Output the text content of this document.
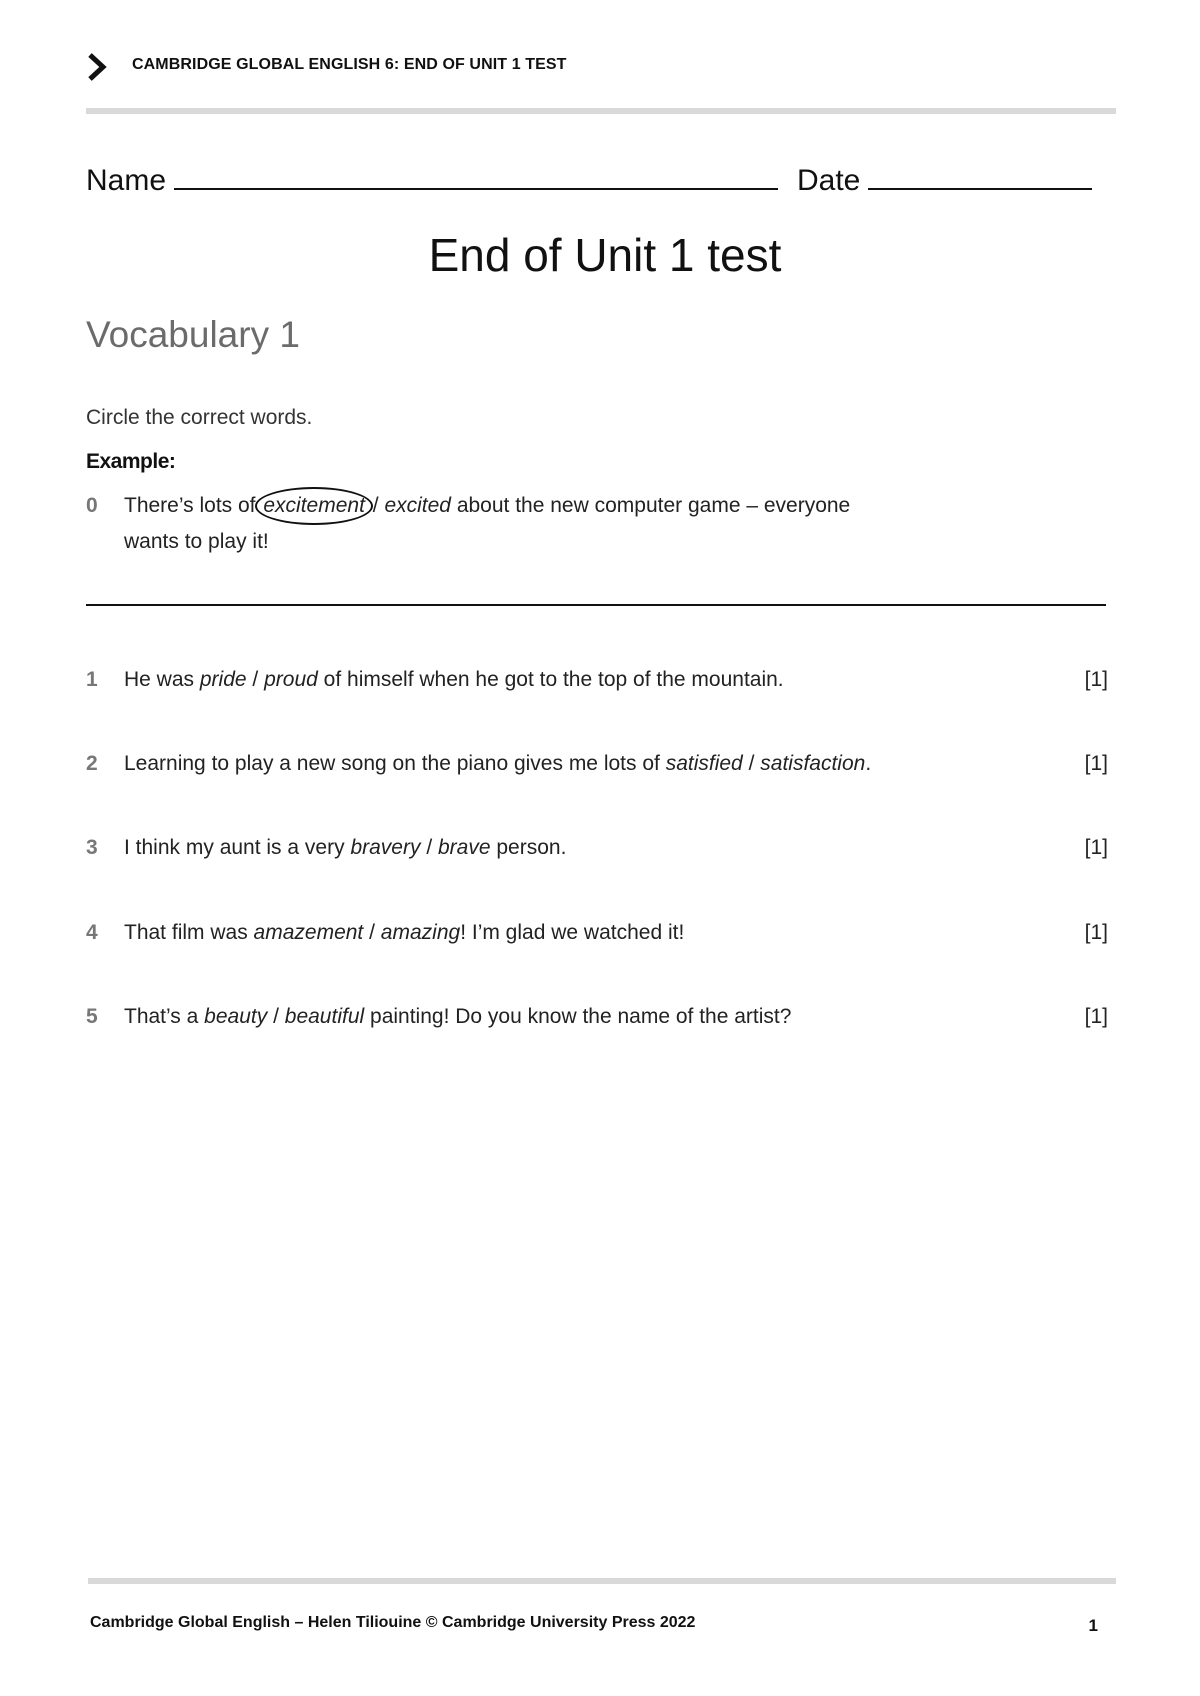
CAMBRIDGE GLOBAL ENGLISH 6: END OF UNIT 1 TEST
Name	Date
End of Unit 1 test
Vocabulary 1
Circle the correct words.
Example:
0 There’s lots of excitement / excited about the new computer game – everyone
wants to play it!
1 He was pride / proud of himself when he got to the top of the mountain.	[1]
2 Learning to play a new song on the piano gives me lots of satisfied / satisfaction.	[1]
3 I think my aunt is a very bravery / brave person.	[1]
4 That film was amazement / amazing! I’m glad we watched it!	[1]
5 That’s a beauty / beautiful painting! Do you know the name of the artist?	[1]
Cambridge Global English – Helen Tiliouine © Cambridge University Press 2022	1
